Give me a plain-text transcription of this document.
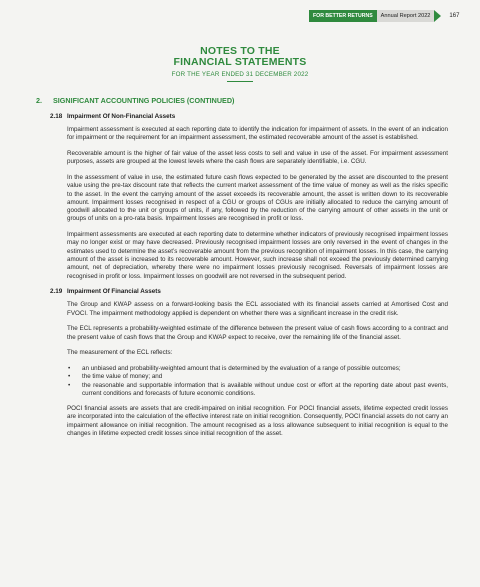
FOR BETTER RETURNS	Annual Report 2022	167
NOTES TO THE
FINANCIAL STATEMENTS
FOR THE YEAR ENDED 31 DECEMBER 2022
2. SIGNIFICANT ACCOUNTING POLICIES (CONTINUED)
2.18 Impairment Of Non-Financial Assets

Impairment assessment is executed at each reporting date to identify the indication for impairment of assets. In the event of an indication for impairment or the requirement for an impairment assessment, the estimated recoverable amount of the asset is established.

Recoverable amount is the higher of fair value of the asset less costs to sell and value in use of the asset. For impairment assessment purposes, assets are grouped at the lowest levels where the cash flows are separately identifiable, i.e. CGU.

In the assessment of value in use, the estimated future cash flows expected to be generated by the asset are discounted to the present value using the pre-tax discount rate that reflects the current market assessment of the time value of money as well as the risks specific to the asset. In the event the carrying amount of the asset exceeds its recoverable amount, the asset is written down to its recoverable amount. Impairment losses recognised in respect of a CGU or groups of CGUs are initially allocated to reduce the carrying amount of goodwill allocated to the unit or groups of units, if any, followed by the reduction of the carrying amount of other assets in the unit or groups of units on a pro-rata basis. Impairment losses are recognised in profit or loss.

Impairment assessments are executed at each reporting date to determine whether indicators of previously recognised impairment losses may no longer exist or may have decreased. Previously recognised impairment losses are only reversed in the event of changes in the estimates used to determine the asset’s recoverable amount from the previous recognition of impairment losses. In this case, the carrying amount of the asset is increased to its recoverable amount. However, such increase shall not exceed the previously determined carrying amount, net of depreciation, whereby there were no impairment losses previously recognised. Reversals of impairment losses are recognised in profit or loss. Impairment losses on goodwill are not reversed in the subsequent period.

2.19 Impairment Of Financial Assets

The Group and KWAP assess on a forward-looking basis the ECL associated with its financial assets carried at Amortised Cost and FVOCI. The impairment methodology applied is dependent on whether there was a significant increase in the credit risk.

The ECL represents a probability-weighted estimate of the difference between the present value of cash flows according to a contract and the present value of cash flows that the Group and KWAP expect to receive, over the remaining life of the financial asset.

The measurement of the ECL reflects:

• an unbiased and probability-weighted amount that is determined by the evaluation of a range of possible outcomes;
• the time value of money; and
• the reasonable and supportable information that is available without undue cost or effort at the reporting date about past events, current conditions and forecasts of future economic conditions.

POCI financial assets are assets that are credit-impaired on initial recognition. For POCI financial assets, lifetime expected credit losses are incorporated into the calculation of the effective interest rate on initial recognition. Consequently, POCI financial assets do not carry an impairment allowance on initial recognition. The amount recognised as a loss allowance subsequent to initial recognition is equal to the changes in lifetime expected credit losses since initial recognition of the asset.
